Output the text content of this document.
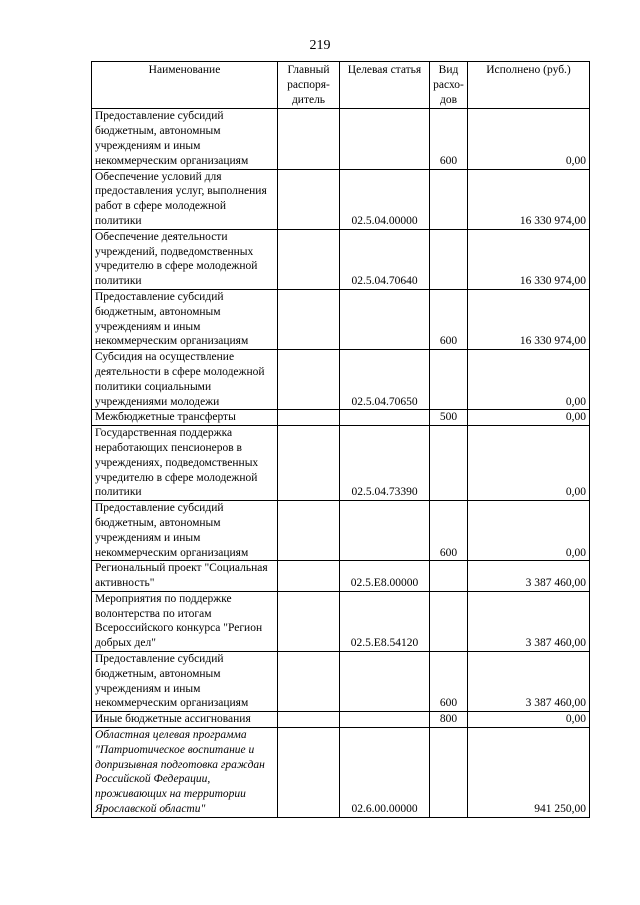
219
Наименование	Главный распоря-дитель	Целевая статья	Вид расхо-дов	Исполнено (руб.)
Предоставление субсидий бюджетным, автономным учреждениям и иным некоммерческим организациям			600	0,00
Обеспечение условий для предоставления услуг, выполнения работ в сфере молодежной политики		02.5.04.00000		16 330 974,00
Обеспечение деятельности учреждений, подведомственных учредителю в сфере молодежной политики		02.5.04.70640		16 330 974,00
Предоставление субсидий бюджетным, автономным учреждениям и иным некоммерческим организациям			600	16 330 974,00
Субсидия на осуществление деятельности в сфере молодежной политики социальными учреждениями молодежи		02.5.04.70650		0,00
Межбюджетные трансферты			500	0,00
Государственная поддержка неработающих пенсионеров в учреждениях, подведомственных учредителю в сфере молодежной политики		02.5.04.73390		0,00
Предоставление субсидий бюджетным, автономным учреждениям и иным некоммерческим организациям			600	0,00
Региональный проект "Социальная активность"		02.5.E8.00000		3 387 460,00
Мероприятия по поддержке волонтерства по итогам Всероссийского конкурса "Регион добрых дел"		02.5.E8.54120		3 387 460,00
Предоставление субсидий бюджетным, автономным учреждениям и иным некоммерческим организациям			600	3 387 460,00
Иные бюджетные ассигнования			800	0,00
Областная целевая программа "Патриотическое воспитание и допризывная подготовка граждан Российской Федерации, проживающих на территории Ярославской области"		02.6.00.00000		941 250,00
